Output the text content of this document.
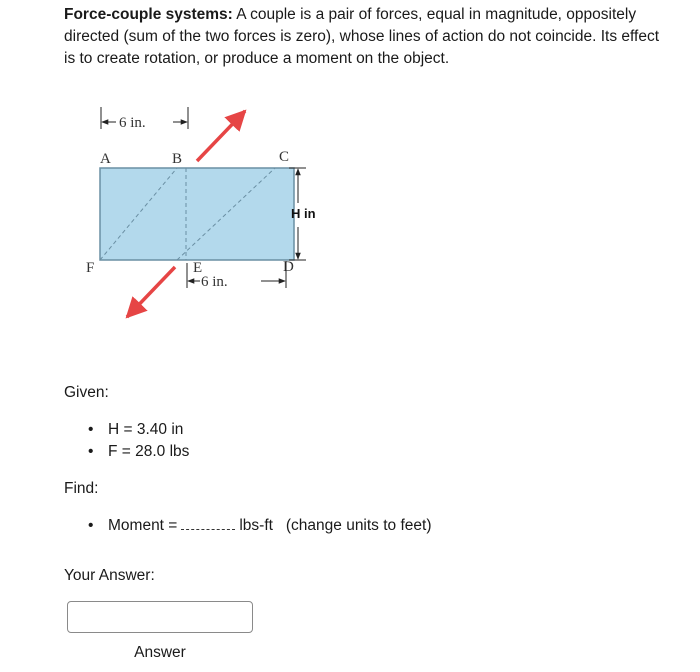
Force-couple systems: A couple is a pair of forces, equal in magnitude, oppositely directed (sum of the two forces is zero), whose lines of action do not coincide. Its effect is to create rotation, or produce a moment on the object.
6 in.
A	B	C
F	E	D
H in
6 in.
Given:
• H = 3.40 in
• F = 28.0 lbs
Find:
• Moment =	lbs-ft (change units to feet)
Your Answer:
Answer
